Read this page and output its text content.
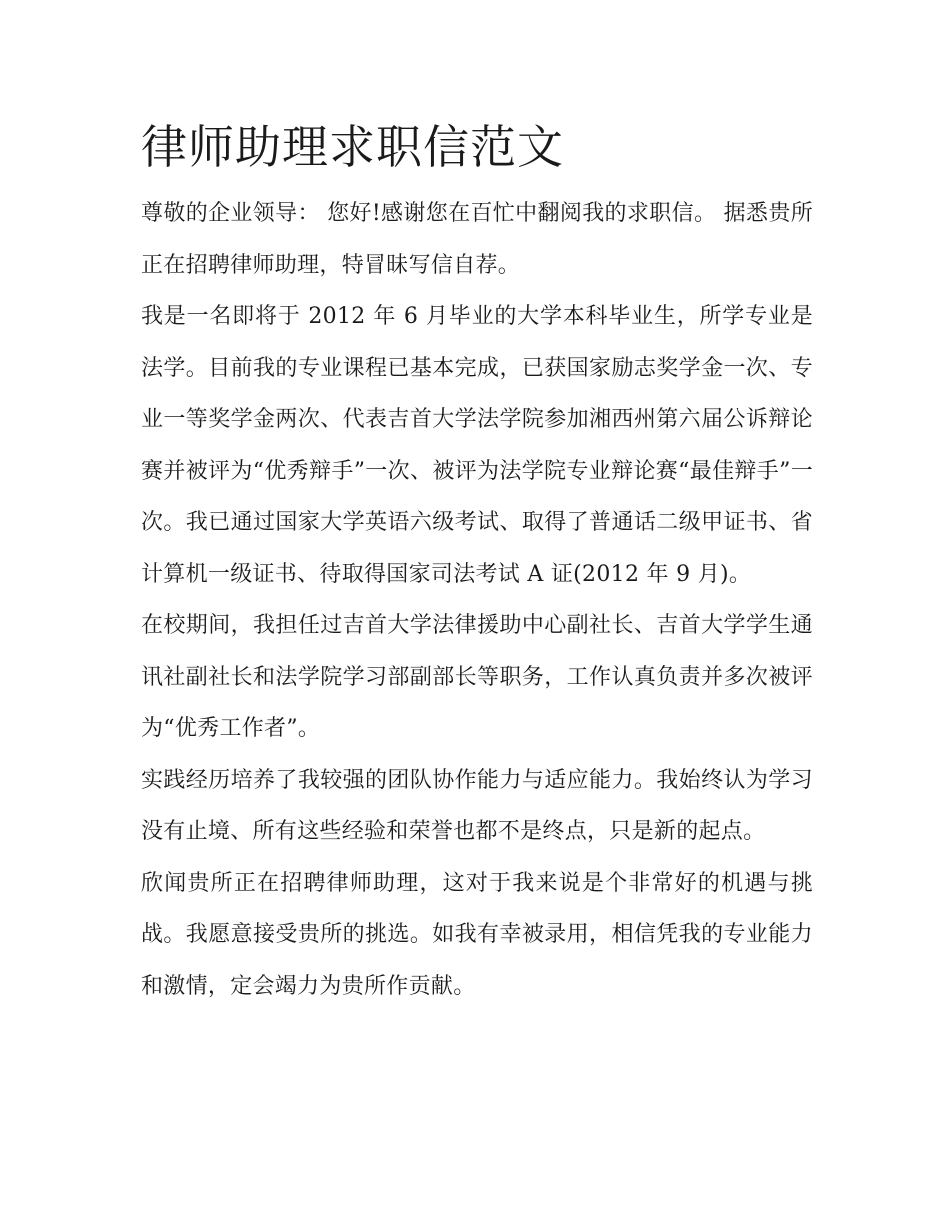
律师助理求职信范文

尊敬的企业领导： 您好!感谢您在百忙中翻阅我的求职信。 据悉贵所正在招聘律师助理，特冒昧写信自荐。

我是一名即将于 2012 年 6 月毕业的大学本科毕业生，所学专业是法学。目前我的专业课程已基本完成，已获国家励志奖学金一次、专业一等奖学金两次、代表吉首大学法学院参加湘西州第六届公诉辩论赛并被评为“优秀辩手”一次、被评为法学院专业辩论赛“最佳辩手”一次。我已通过国家大学英语六级考试、取得了普通话二级甲证书、省计算机一级证书、待取得国家司法考试 A 证(2012 年 9 月)。

在校期间，我担任过吉首大学法律援助中心副社长、吉首大学学生通讯社副社长和法学院学习部副部长等职务，工作认真负责并多次被评为“优秀工作者”。

实践经历培养了我较强的团队协作能力与适应能力。我始终认为学习没有止境、所有这些经验和荣誉也都不是终点，只是新的起点。

欣闻贵所正在招聘律师助理，这对于我来说是个非常好的机遇与挑战。我愿意接受贵所的挑选。如我有幸被录用，相信凭我的专业能力和激情，定会竭力为贵所作贡献。
